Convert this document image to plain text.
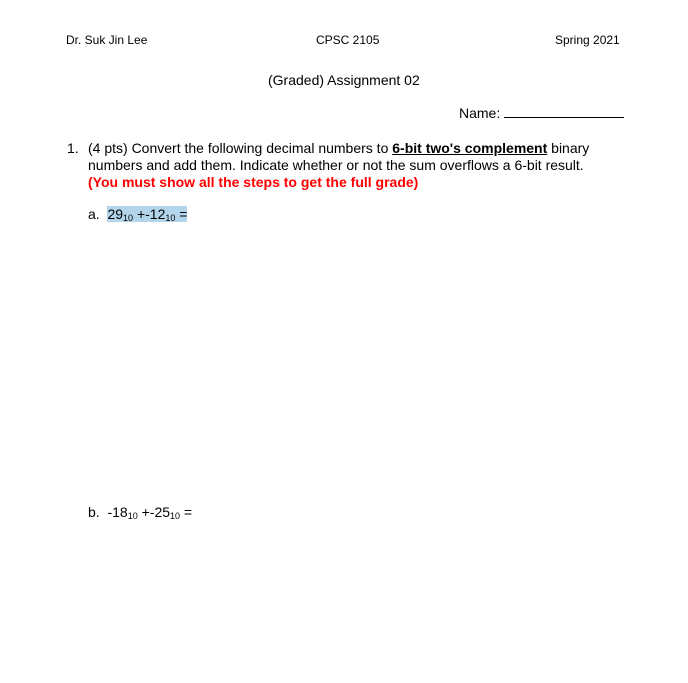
Dr. Suk Jin Lee	CPSC 2105	Spring 2021
(Graded) Assignment 02
Name:
1. (4 pts) Convert the following decimal numbers to 6-bit two's complement binary
numbers and add them. Indicate whether or not the sum overflows a 6-bit result.
(You must show all the steps to get the full grade)
a. $29_{10} +-12_{10}$ =
b. $-18_{10} +-25_{10}$ =
